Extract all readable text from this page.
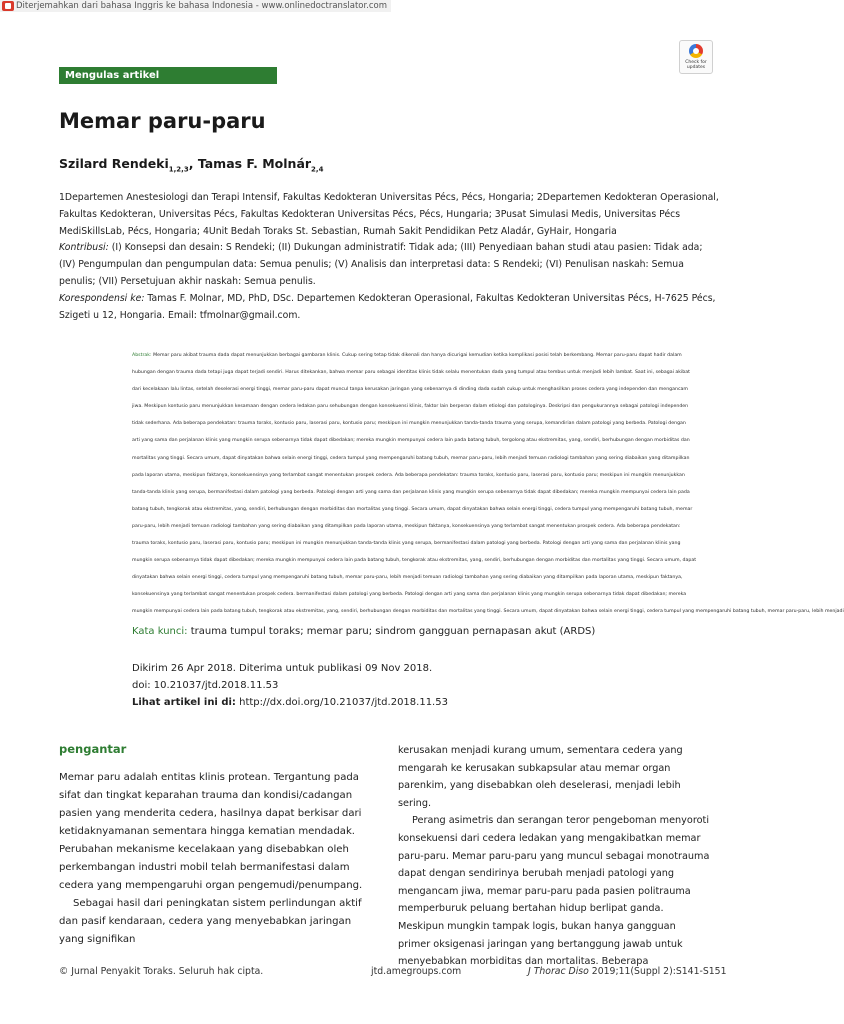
Diterjemahkan dari bahasa Inggris ke bahasa Indonesia - www.onlinedoctranslator.com
Check for updates
Mengulas artikel
Memar paru-paru
Szilard Rendeki$_{1,2,3}$, Tamas F. Molnár$_{2,4}$
1Departemen Anestesiologi dan Terapi Intensif, Fakultas Kedokteran Universitas Pécs, Pécs, Hongaria; 2Departemen Kedokteran Operasional, Fakultas Kedokteran, Universitas Pécs, Fakultas Kedokteran Universitas Pécs, Pécs, Hungaria; 3Pusat Simulasi Medis, Universitas Pécs MediSkillsLab, Pécs, Hongaria; 4Unit Bedah Toraks St. Sebastian, Rumah Sakit Pendidikan Petz Aladár, GyHair, Hongaria
Kontribusi: (I) Konsepsi dan desain: S Rendeki; (II) Dukungan administratif: Tidak ada; (III) Penyediaan bahan studi atau pasien: Tidak ada; (IV) Pengumpulan dan pengumpulan data: Semua penulis; (V) Analisis dan interpretasi data: S Rendeki; (VI) Penulisan naskah: Semua penulis; (VII) Persetujuan akhir naskah: Semua penulis.
Korespondensi ke: Tamas F. Molnar, MD, PhD, DSc. Departemen Kedokteran Operasional, Fakultas Kedokteran Universitas Pécs, H-7625 Pécs, Szigeti u 12, Hongaria. Email: tfmolnar@gmail.com.
Abstrak: Memar paru akibat trauma dada dapat menunjukkan berbagai gambaran klinis. Cukup sering tetap tidak dikenali dan hanya dicurigai kemudian ketika komplikasi posisi telah berkembang. Memar paru-paru dapat hadir dalam
hubungan dengan trauma dada tetapi juga dapat terjadi sendiri. Harus ditekankan, bahwa memar paru sebagai identitas klinis tidak selalu menentukan dada yang tumpul atau tembus untuk menjadi lebih lambat. Saat ini, sebagai akibat
dari kecelakaan lalu lintas, setelah deselerasi energi tinggi, memar paru-paru dapat muncul tanpa kerusakan jaringan yang sebenarnya di dinding dada sudah cukup untuk menghasilkan proses cedera yang independen dan mengancam
jiwa. Meskipun kontusio paru menunjukkan kesamaan dengan cedera ledakan paru sehubungan dengan konsekuensi klinis, faktor lain berperan dalam etiologi dan patologinya. Deskripsi dan pengukurannya sebagai patologi independen
tidak sederhana. Ada beberapa pendekatan: trauma toraks, kontusio paru, laserasi paru, kontusio paru; meskipun ini mungkin menunjukkan tanda-tanda trauma yang serupa, kemandirian dalam patologi yang berbeda. Patologi dengan
arti yang sama dan perjalanan klinis yang mungkin serupa sebenarnya tidak dapat dibedakan; mereka mungkin mempunyai cedera lain pada batang tubuh, tergolong atau ekstremitas, yang, sendiri, berhubungan dengan morbiditas dan
mortalitas yang tinggi. Secara umum, dapat dinyatakan bahwa selain energi tinggi, cedera tumpul yang mempengaruhi batang tubuh, memar paru-paru, lebih menjadi temuan radiologi tambahan yang sering diabaikan yang ditampilkan
pada laporan utama, meskipun faktanya, konsekuensinya yang terlambat sangat menentukan prospek cedera. Ada beberapa pendekatan: trauma toraks, kontusio paru, laserasi paru, kontusio paru; meskipun ini mungkin menunjukkan
tanda-tanda klinis yang serupa, bermanifestasi dalam patologi yang berbeda. Patologi dengan arti yang sama dan perjalanan klinis yang mungkin serupa sebenarnya tidak dapat dibedakan; mereka mungkin mempunyai cedera lain pada
batang tubuh, tengkorak atau ekstremitas, yang, sendiri, berhubungan dengan morbiditas dan mortalitas yang tinggi. Secara umum, dapat dinyatakan bahwa selain energi tinggi, cedera tumpul yang mempengaruhi batang tubuh, memar
paru-paru, lebih menjadi temuan radiologi tambahan yang sering diabaikan yang ditampilkan pada laporan utama, meskipun faktanya, konsekuensinya yang terlambat sangat menentukan prospek cedera. Ada beberapa pendekatan:
trauma toraks, kontusio paru, laserasi paru, kontusio paru; meskipun ini mungkin menunjukkan tanda-tanda klinis yang serupa, bermanifestasi dalam patologi yang berbeda. Patologi dengan arti yang sama dan perjalanan klinis yang
mungkin serupa sebenarnya tidak dapat dibedakan; mereka mungkin mempunyai cedera lain pada batang tubuh, tengkorak atau ekstremitas, yang, sendiri, berhubungan dengan morbiditas dan mortalitas yang tinggi. Secara umum, dapat
dinyatakan bahwa selain energi tinggi, cedera tumpul yang mempengaruhi batang tubuh, memar paru-paru, lebih menjadi temuan radiologi tambahan yang sering diabaikan yang ditampilkan pada laporan utama, meskipun faktanya,
konsekuensinya yang terlambat sangat menentukan prospek cedera. bermanifestasi dalam patologi yang berbeda. Patologi dengan arti yang sama dan perjalanan klinis yang mungkin serupa sebenarnya tidak dapat dibedakan; mereka
mungkin mempunyai cedera lain pada batang tubuh, tengkorak atau ekstremitas, yang, sendiri, berhubungan dengan morbiditas dan mortalitas yang tinggi. Secara umum, dapat dinyatakan bahwa selain energi tinggi, cedera tumpul yang mempengaruhi batang tubuh, memar paru-paru, lebih menjadi
Kata kunci: trauma tumpul toraks; memar paru; sindrom gangguan pernapasan akut (ARDS)
Dikirim 26 Apr 2018. Diterima untuk publikasi 09 Nov 2018.
doi: 10.21037/jtd.2018.11.53
Lihat artikel ini di: http://dx.doi.org/10.21037/jtd.2018.11.53
pengantar

Memar paru adalah entitas klinis protean. Tergantung pada sifat dan tingkat keparahan trauma dan kondisi/cadangan pasien yang menderita cedera, hasilnya dapat berkisar dari ketidaknyamanan sementara hingga kematian mendadak. Perubahan mekanisme kecelakaan yang disebabkan oleh perkembangan industri mobil telah bermanifestasi dalam cedera yang mempengaruhi organ pengemudi/penumpang.

Sebagai hasil dari peningkatan sistem perlindungan aktif dan pasif kendaraan, cedera yang menyebabkan jaringan yang signifikan

kerusakan menjadi kurang umum, sementara cedera yang mengarah ke kerusakan subkapsular atau memar organ parenkim, yang disebabkan oleh deselerasi, menjadi lebih sering.

Perang asimetris dan serangan teror pengeboman menyoroti konsekuensi dari cedera ledakan yang mengakibatkan memar paru-paru. Memar paru-paru yang muncul sebagai monotrauma dapat dengan sendirinya berubah menjadi patologi yang mengancam jiwa, memar paru-paru pada pasien politrauma memperburuk peluang bertahan hidup berlipat ganda. Meskipun mungkin tampak logis, bukan hanya gangguan primer oksigenasi jaringan yang bertanggung jawab untuk menyebabkan morbiditas dan mortalitas. Beberapa

© Jurnal Penyakit Toraks. Seluruh hak cipta.	jtd.amegroups.com	J Thorac Diso 2019;11(Suppl 2):S141-S151
